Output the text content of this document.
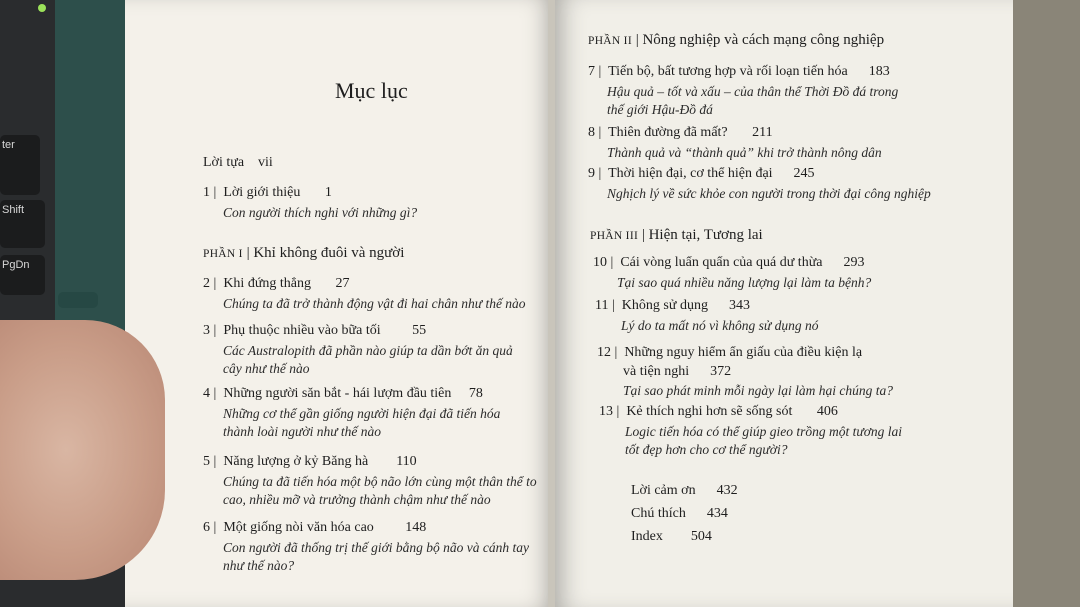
ter
Shift
PgDn
Mục lục
Lời tựa vii
1 |  Lời giới thiệu 1
Con người thích nghi với những gì?
PHẦN I | Khỉ không đuôi và người
2 |  Khi đứng thẳng 27
Chúng ta đã trở thành động vật đi hai chân như thế nào
3 |  Phụ thuộc nhiều vào bữa tối 55
Các Australopith đã phần nào giúp ta dần bớt ăn quả
cây như thế nào
4 |  Những người săn bắt - hái lượm đầu tiên 78
Những cơ thể gần giống người hiện đại đã tiến hóa
thành loài người như thế nào
5 |  Năng lượng ở kỷ Băng hà 110
Chúng ta đã tiến hóa một bộ não lớn cùng một thân thể to
cao, nhiều mỡ và trưởng thành chậm như thế nào
6 |  Một giống nòi văn hóa cao 148
Con người đã thống trị thế giới bằng bộ não và cánh tay
như thế nào?
PHẦN II | Nông nghiệp và cách mạng công nghiệp
7 |  Tiến bộ, bất tương hợp và rối loạn tiến hóa 183
Hậu quả – tốt và xấu – của thân thể Thời Đồ đá trong
thế giới Hậu-Đồ đá
8 |  Thiên đường đã mất? 211
Thành quả và “thành quả” khi trở thành nông dân
9 |  Thời hiện đại, cơ thể hiện đại 245
Nghịch lý về sức khỏe con người trong thời đại công nghiệp
PHẦN III | Hiện tại, Tương lai
10 |  Cái vòng luẩn quẩn của quá dư thừa 293
Tại sao quá nhiều năng lượng lại làm ta bệnh?
11 |  Không sử dụng 343
Lý do ta mất nó vì không sử dụng nó
12 |  Những nguy hiểm ẩn giấu của điều kiện lạ
và tiện nghi 372
Tại sao phát minh mỗi ngày lại làm hại chúng ta?
13 |  Kẻ thích nghi hơn sẽ sống sót 406
Logic tiến hóa có thể giúp gieo trồng một tương lai
tốt đẹp hơn cho cơ thể người?
Lời cảm ơn 432
Chú thích 434
Index 504
